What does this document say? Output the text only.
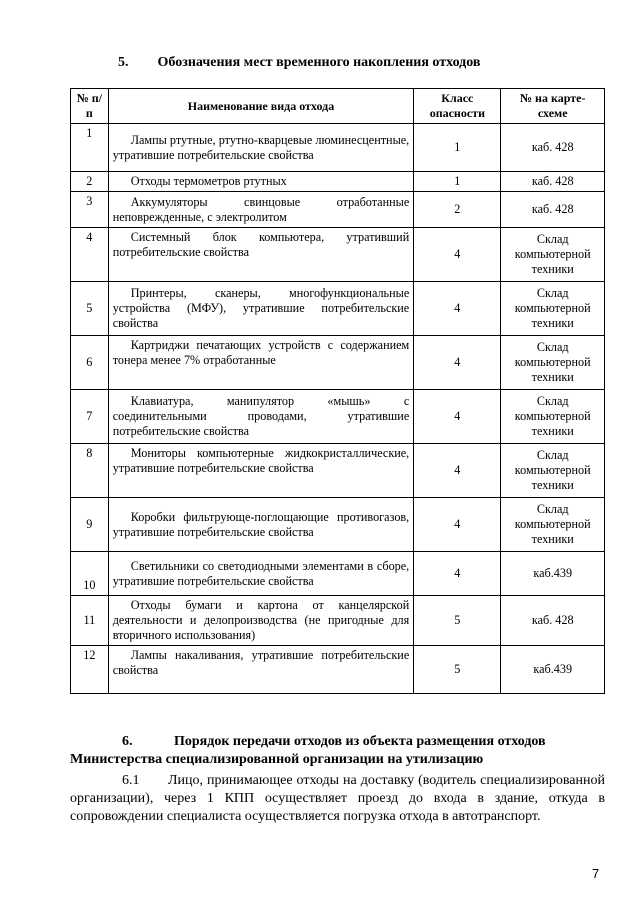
5. Обозначения мест временного накопления отходов
№ п/п	Наименование вида отхода	Класс опасности	№ на карте-схеме
1	Лампы ртутные, ртутно-кварцевые люминесцентные, утратившие потребительские свойства	1	каб. 428
2	Отходы термометров ртутных	1	каб. 428
3	Аккумуляторы свинцовые отработанные неповрежденные, с электролитом	2	каб. 428
4	Системный блок компьютера, утративший потребительские свойства	4	Склад компьютерной техники
5	Принтеры, сканеры, многофункциональные устройства (МФУ), утратившие потребительские свойства	4	Склад компьютерной техники
6	Картриджи печатающих устройств с содержанием тонера менее 7% отработанные	4	Склад компьютерной техники
7	Клавиатура, манипулятор «мышь» с соединительными проводами, утратившие потребительские свойства	4	Склад компьютерной техники
8	Мониторы компьютерные жидкокристаллические, утратившие потребительские свойства	4	Склад компьютерной техники
9	Коробки фильтрующе-поглощающие противогазов, утратившие потребительские свойства	4	Склад компьютерной техники
10	Светильники со светодиодными элементами в сборе, утратившие потребительские свойства	4	каб.439
11	Отходы бумаги и картона от канцелярской деятельности и делопроизводства (не пригодные для вторичного использования)	5	каб. 428
12	Лампы накаливания, утратившие потребительские свойства	5	каб.439
6.	Порядок передачи отходов из объекта размещения отходов Министерства специализированной организации на утилизацию
6.1 Лицо, принимающее отходы на доставку (водитель специализированной организации), через 1 КПП осуществляет проезд до входа в здание, откуда в сопровождении специалиста осуществляется погрузка отхода в автотранспорт.
7
